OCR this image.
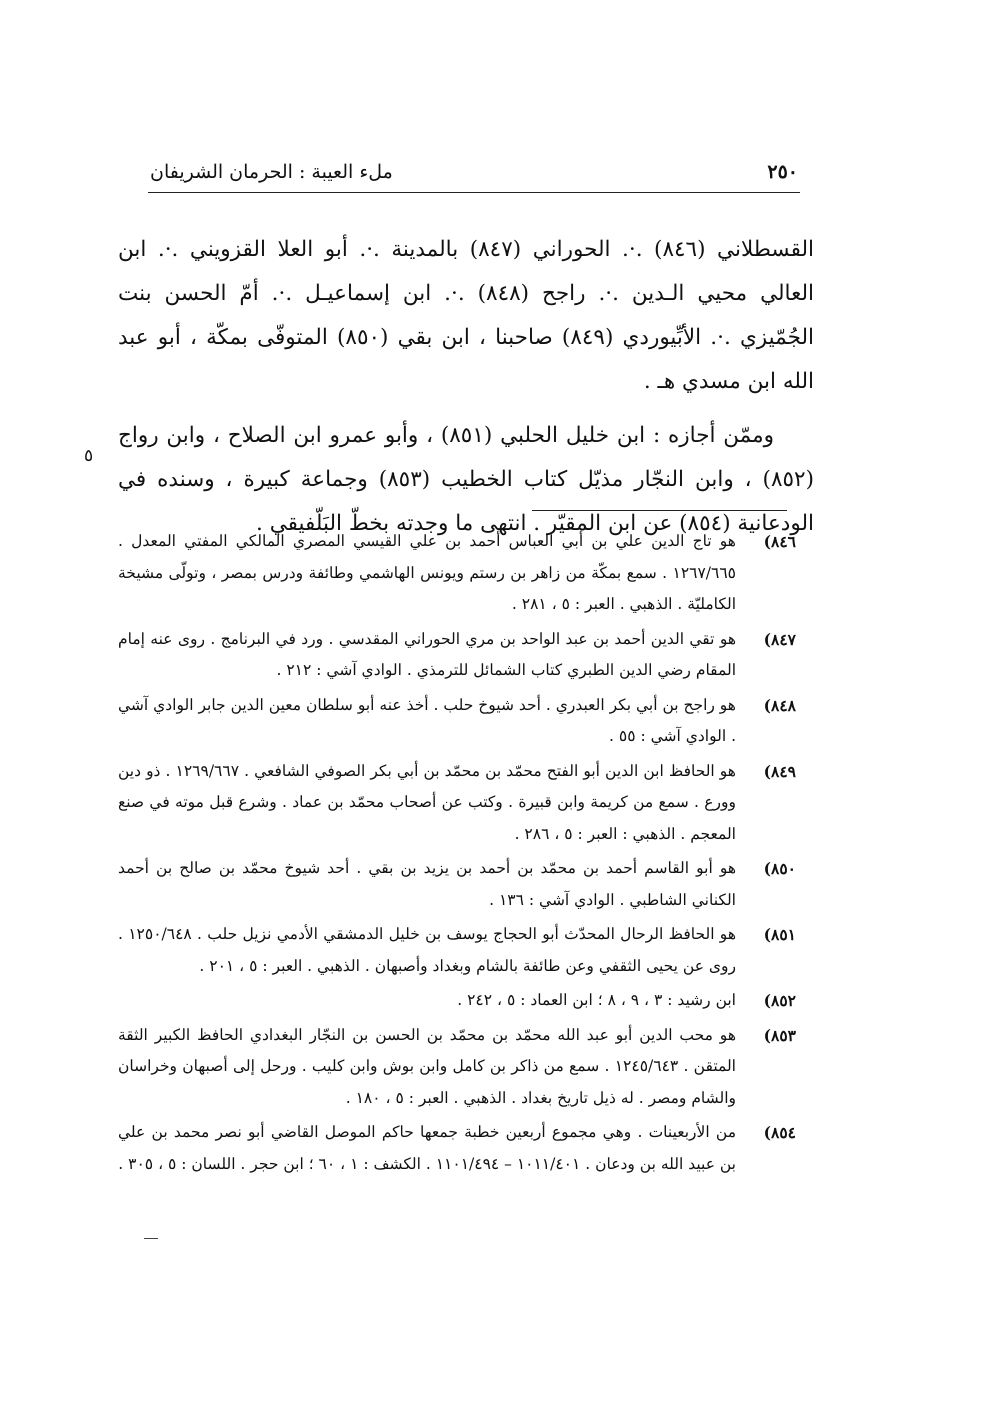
٢٥٠
ملء العيبة : الحرمان الشريفان

القسطلاني (٨٤٦) .·. الحوراني (٨٤٧) بالمدينة .·. أبو العلا القزويني .·. ابن العالي محيي الـدين .·. راجح (٨٤٨) .·. ابن إسماعيـل .·. أمّ الحسن بنت الجُمّيزي .·. الأبِّيوردي (٨٤٩) صاحبنا ، ابن بقي (٨٥٠) المتوفّى بمكّة ، أبو عبد الله ابن مسدي هـ .

وممّن أجازه : ابن خليل الحلبي (٨٥١) ، وأبو عمرو ابن الصلاح ، وابن رواج (٨٥٢) ، وابن النجّار مذيّل كتاب الخطيب (٨٥٣) وجماعة كبيرة ، وسنده في الودعانية (٨٥٤) عن ابن المقيّر . انتهى ما وجدته بخطّ البَلّفيقي .

٥
٨٤٦)
هو تاج الدين علي بن أبي العباس أحمد بن علي القيسي المصري المالكي المفتي المعدل . ١٢٦٧/٦٦٥ . سمع بمكّة من زاهر بن رستم ويونس الهاشمي وطائفة ودرس بمصر ، وتولّى مشيخة الكامليّة . الذهبي . العبر : ٥ ، ٢٨١ .
٨٤٧)
هو تقي الدين أحمد بن عبد الواحد بن مري الحوراني المقدسي . ورد في البرنامج . روى عنه إمام المقام رضي الدين الطبري كتاب الشمائل للترمذي . الوادي آشي : ٢١٢ .
٨٤٨)
هو راجح بن أبي بكر العبدري . أحد شيوخ حلب . أخذ عنه أبو سلطان معين الدين جابر الوادي آشي . الوادي آشي : ٥٥ .
٨٤٩)
هو الحافظ ابن الدين أبو الفتح محمّد بن محمّد بن أبي بكر الصوفي الشافعي . ١٢٦٩/٦٦٧ . ذو دين وورع . سمع من كريمة وابن قبيرة . وكتب عن أصحاب محمّد بن عماد . وشرع قبل موته في صنع المعجم . الذهبي : العبر : ٥ ، ٢٨٦ .
٨٥٠)
هو أبو القاسم أحمد بن محمّد بن أحمد بن يزيد بن بقي . أحد شيوخ محمّد بن صالح بن أحمد الكناني الشاطبي . الوادي آشي : ١٣٦ .
٨٥١)
هو الحافظ الرحال المحدّث أبو الحجاج يوسف بن خليل الدمشقي الأدمي نزيل حلب . ١٢٥٠/٦٤٨ . روى عن يحيى الثقفي وعن طائفة بالشام وبغداد وأصبهان . الذهبي . العبر : ٥ ، ٢٠١ .
٨٥٢)
ابن رشيد : ٣ ، ٩ ، ٨ ؛ ابن العماد : ٥ ، ٢٤٢ .
٨٥٣)
هو محب الدين أبو عبد الله محمّد بن محمّد بن الحسن بن النجّار البغدادي الحافظ الكبير الثقة المتقن . ١٢٤٥/٦٤٣ . سمع من ذاكر بن كامل وابن بوش وابن كليب . ورحل إلى أصبهان وخراسان والشام ومصر . له ذيل تاريخ بغداد . الذهبي . العبر : ٥ ، ١٨٠ .
٨٥٤)
من الأربعينات . وهي مجموع أربعين خطبة جمعها حاكم الموصل القاضي أبو نصر محمد بن علي بن عبيد الله بن ودعان . ١٠١١/٤٠١ – ١١٠١/٤٩٤ . الكشف : ١ ، ٦٠ ؛ ابن حجر . اللسان : ٥ ، ٣٠٥ .
